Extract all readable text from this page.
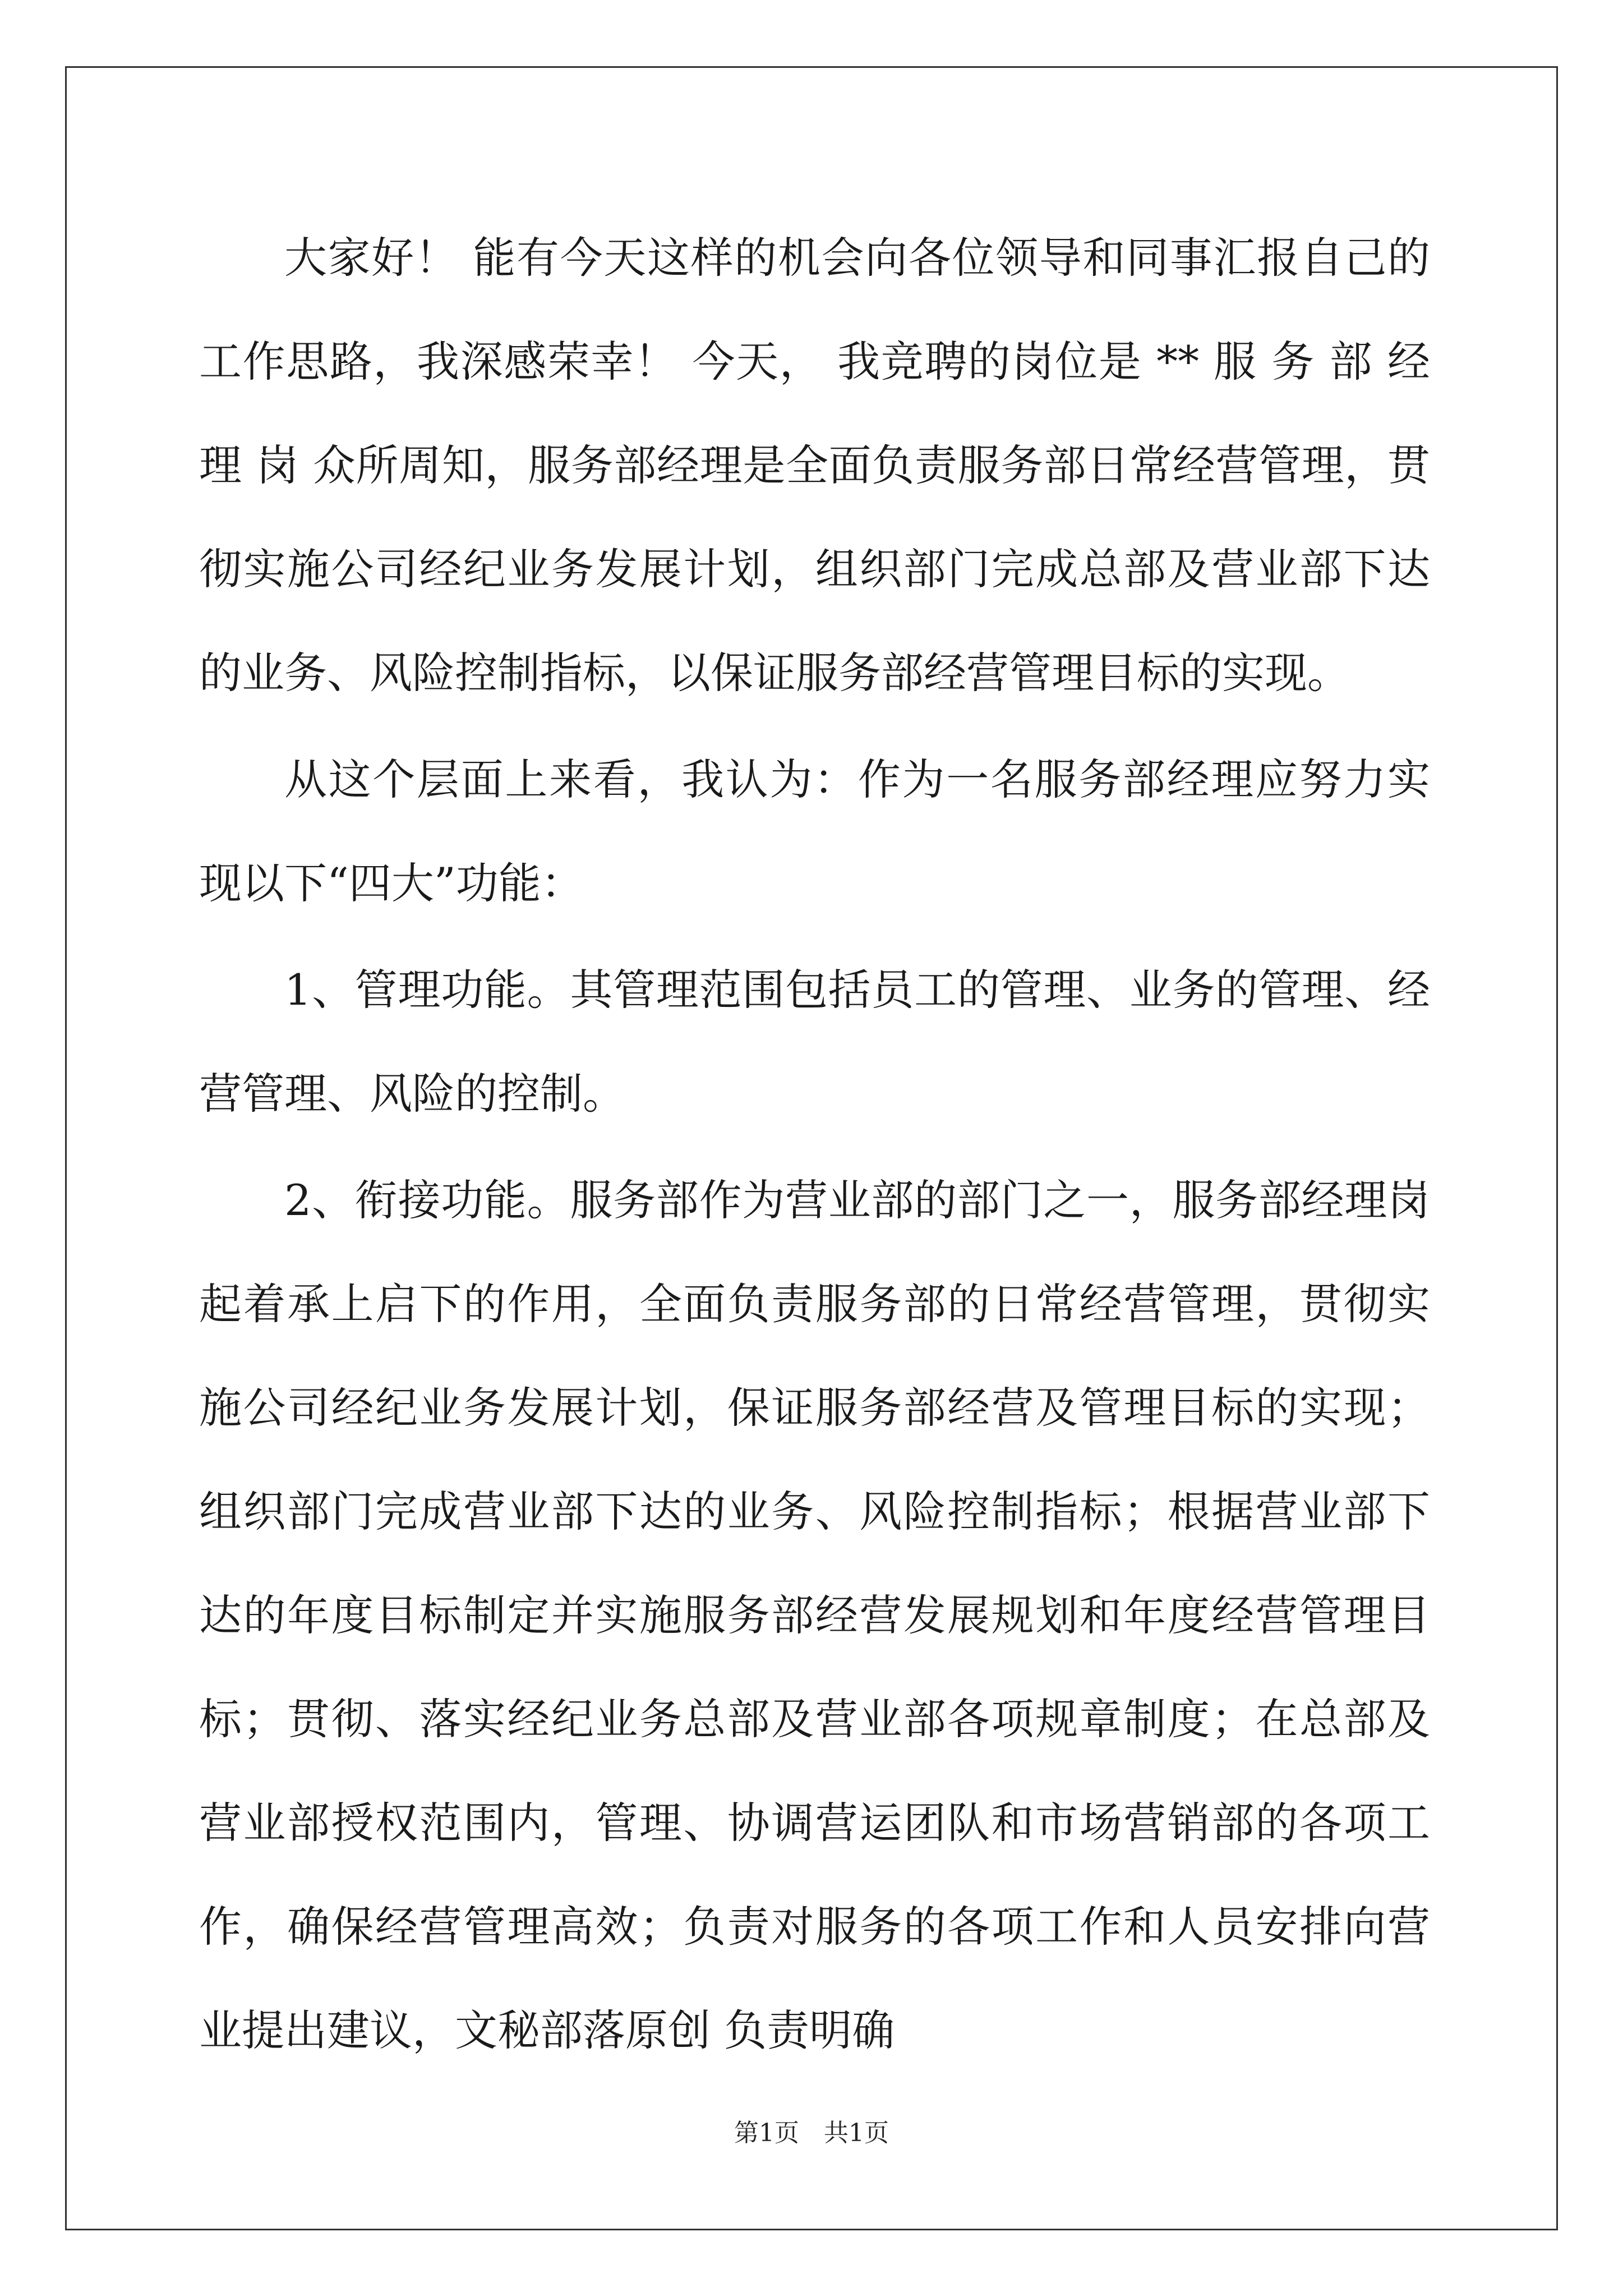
大家好！ 能有今天这样的机会向各位领导和同事汇报自己的工作思路，我深感荣幸！ 今天， 我竞聘的岗位是 ** 服 务 部 经 理 岗 众所周知，服务部经理是全面负责服务部日常经营管理，贯彻实施公司经纪业务发展计划，组织部门完成总部及营业部下达的业务、风险控制指标，以保证服务部经营管理目标的实现。

从这个层面上来看，我认为：作为一名服务部经理应努力实现以下“四大”功能：

1、管理功能。其管理范围包括员工的管理、业务的管理、经营管理、风险的控制。

2、衔接功能。服务部作为营业部的部门之一，服务部经理岗起着承上启下的作用，全面负责服务部的日常经营管理，贯彻实施公司经纪业务发展计划，保证服务部经营及管理目标的实现；组织部门完成营业部下达的业务、风险控制指标；根据营业部下达的年度目标制定并实施服务部经营发展规划和年度经营管理目标；贯彻、落实经纪业务总部及营业部各项规章制度；在总部及营业部授权范围内，管理、协调营运团队和市场营销部的各项工作，确保经营管理高效；负责对服务的各项工作和人员安排向营业提出建议，文秘部落原创 负责明确

第1页　共1页
